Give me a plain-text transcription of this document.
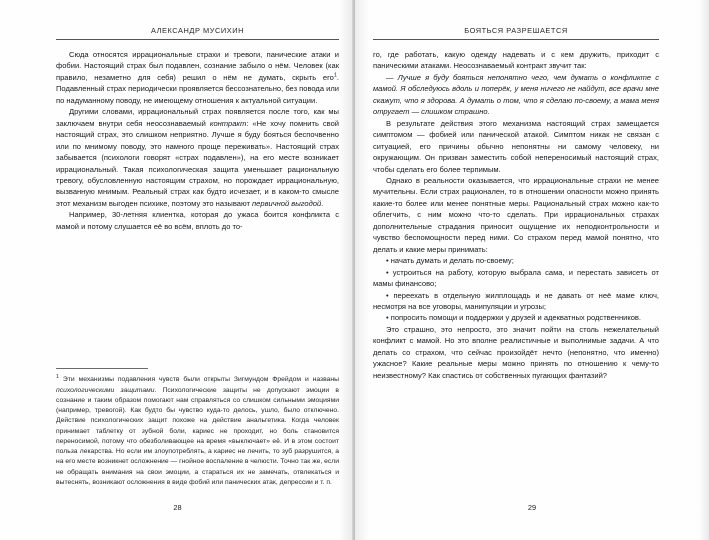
АЛЕКСАНДР МУСИХИН

Сюда относятся иррациональные страхи и тревоги, панические атаки и фобии. Настоящий страх был подавлен, сознание забыло о нём. Человек (как правило, незаметно для себя) решил о нём не думать, скрыть его$^1$. Подавленный страх периодически проявляется бессознательно, без повода или по надуманному поводу, не имеющему отношения к актуальной ситуации.

Другими словами, иррациональный страх появляется после того, как мы заключаем внутри себя неосознаваемый контракт: «Не хочу помнить свой настоящий страх, это слишком неприятно. Лучше я буду бояться беспочвенно или по мнимому поводу, это намного проще переживать». Настоящий страх забывается (психологи говорят «страх подавлен»), на его месте возникает иррациональный. Такая психологическая защита уменьшает рациональную тревогу, обусловленную настоящим страхом, но порождает иррациональную, вызванную мнимым. Реальный страх как будто исчезает, и в каком-то смысле этот механизм выгоден психике, поэтому это называют первичной выгодой.

Например, 30-летняя клиентка, которая до ужаса боится конфликта с мамой и потому слушается её во всём, вплоть до то-

$^1$ Эти механизмы подавления чувств были открыты Зигмундом Фрейдом и названы психологическими защитами. Психологические защиты не допускают эмоции в сознание и таким образом помогают нам справляться со слишком сильными эмоциями (например, тревогой). Как будто бы чувство куда-то делось, ушло, было отключено. Действие психологических защит похоже на действие анальгетика. Когда человек принимает таблетку от зубной боли, кариес не проходит, но боль становится переносимой, потому что обезболивающее на время «выключает» её. И в этом состоит польза лекарства. Но если им злоупотреблять, а кариес не лечить, то зуб разрушится, а на его месте возникнет осложнение — гнойное воспаление в челюсти. Точно так же, если не обращать внимания на свои эмоции, а стараться их не замечать, отвлекаться и вытеснять, возникают осложнения в виде фобий или панических атак, депрессии и т. п.

28
БОЯТЬСЯ РАЗРЕШАЕТСЯ

го, где работать, какую одежду надевать и с кем дружить, приходит с паническими атаками. Неосознаваемый контракт звучит так:

— Лучше я буду бояться непонятно чего, чем думать о конфликте с мамой. Я обследуюсь вдоль и поперёк, у меня ничего не найдут, все врачи мне скажут, что я здорова. А думать о том, что я сделаю по-своему, а мама меня отругает — слишком страшно.

В результате действия этого механизма настоящий страх замещается симптомом — фобией или панической атакой. Симптом никак не связан с ситуацией, его причины обычно непонятны ни самому человеку, ни окружающим. Он призван заместить собой непереносимый настоящий страх, чтобы сделать его более терпимым.

Однако в реальности оказывается, что иррациональные страхи не менее мучительны. Если страх рационален, то в отношении опасности можно принять какие-то более или менее понятные меры. Рациональный страх можно как-то облегчить, с ним можно что-то сделать. При иррациональных страхах дополнительные страдания приносит ощущение их неподконтрольности и чувство беспомощности перед ними. Со страхом перед мамой понятно, что делать и какие меры принимать:

• начать думать и делать по-своему;

• устроиться на работу, которую выбрала сама, и перестать зависеть от мамы финансово;

• переехать в отдельную жилплощадь и не давать от неё маме ключ, несмотря на все уговоры, манипуляции и угрозы;

• попросить помощи и поддержки у друзей и адекватных родственников.

Это страшно, это непросто, это значит пойти на столь нежелательный конфликт с мамой. Но это вполне реалистичные и выполнимые задачи. А что делать со страхом, что сейчас произойдёт нечто (непонятно, что именно) ужасное? Какие реальные меры можно принять по отношению к чему-то неизвестному? Как спастись от собственных пугающих фантазий?

29
